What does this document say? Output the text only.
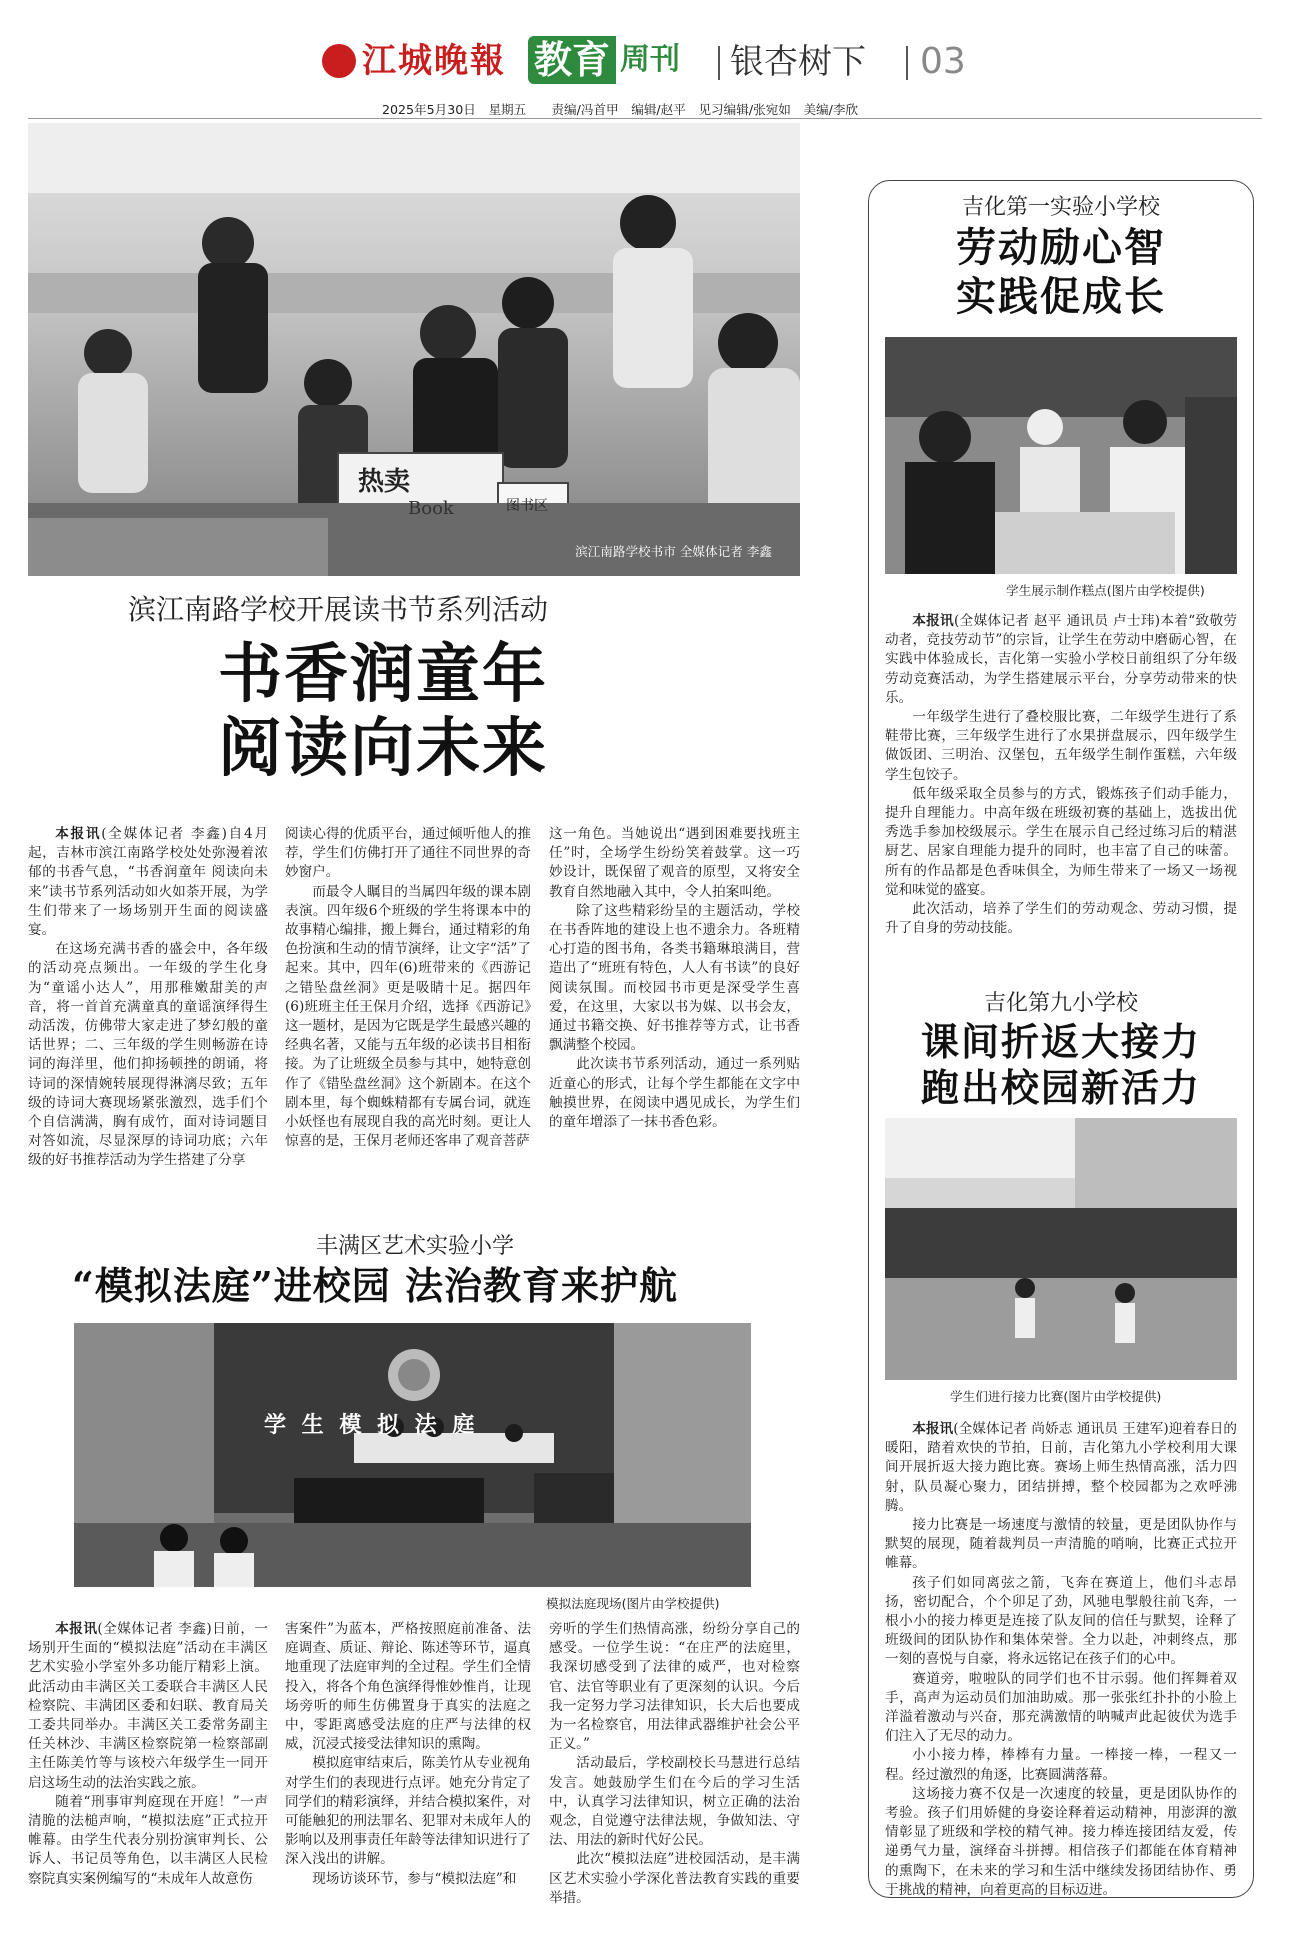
江城晚報 教育 周刊 银杏树下 03
2025年5月30日　星期五　　责编/冯首甲　编辑/赵平　见习编辑/张宛如　美编/李欣
热卖
Book	图书区
滨江南路学校书市 全媒体记者 李鑫
滨江南路学校开展读书节系列活动
书香润童年
阅读向未来

本报讯(全媒体记者 李鑫)自4月起，吉林市滨江南路学校处处弥漫着浓郁的书香气息，“书香润童年 阅读向未来”读书节系列活动如火如荼开展，为学生们带来了一场场别开生面的阅读盛宴。

在这场充满书香的盛会中，各年级的活动亮点频出。一年级的学生化身为“童谣小达人”，用那稚嫩甜美的声音，将一首首充满童真的童谣演绎得生动活泼，仿佛带大家走进了梦幻般的童话世界；二、三年级的学生则畅游在诗词的海洋里，他们抑扬顿挫的朗诵，将诗词的深情婉转展现得淋漓尽致；五年级的诗词大赛现场紧张激烈，选手们个个自信满满，胸有成竹，面对诗词题目对答如流，尽显深厚的诗词功底；六年级的好书推荐活动为学生搭建了分享

阅读心得的优质平台，通过倾听他人的推荐，学生们仿佛打开了通往不同世界的奇妙窗户。

而最令人瞩目的当属四年级的课本剧表演。四年级6个班级的学生将课本中的故事精心编排，搬上舞台，通过精彩的角色扮演和生动的情节演绎，让文字“活”了起来。其中，四年(6)班带来的《西游记之错坠盘丝洞》更是吸睛十足。据四年(6)班班主任王保月介绍，选择《西游记》这一题材，是因为它既是学生最感兴趣的经典名著，又能与五年级的必读书目相衔接。为了让班级全员参与其中，她特意创作了《错坠盘丝洞》这个新剧本。在这个剧本里，每个蜘蛛精都有专属台词，就连小妖怪也有展现自我的高光时刻。更让人惊喜的是，王保月老师还客串了观音菩萨

这一角色。当她说出“遇到困难要找班主任”时，全场学生纷纷笑着鼓掌。这一巧妙设计，既保留了观音的原型，又将安全教育自然地融入其中，令人拍案叫绝。

除了这些精彩纷呈的主题活动，学校在书香阵地的建设上也不遗余力。各班精心打造的图书角，各类书籍琳琅满目，营造出了“班班有特色，人人有书读”的良好阅读氛围。而校园书市更是深受学生喜爱，在这里，大家以书为媒、以书会友，通过书籍交换、好书推荐等方式，让书香飘满整个校园。

此次读书节系列活动，通过一系列贴近童心的形式，让每个学生都能在文字中触摸世界，在阅读中遇见成长，为学生们的童年增添了一抹书香色彩。

丰满区艺术实验小学
“模拟法庭”进校园 法治教育来护航
学 生 模 拟 法 庭
模拟法庭现场(图片由学校提供)

本报讯(全媒体记者 李鑫)日前，一场别开生面的“模拟法庭”活动在丰满区艺术实验小学室外多功能厅精彩上演。此活动由丰满区关工委联合丰满区人民检察院、丰满团区委和妇联、教育局关工委共同举办。丰满区关工委常务副主任关林沙、丰满区检察院第一检察部副主任陈美竹等与该校六年级学生一同开启这场生动的法治实践之旅。

随着“刑事审判庭现在开庭！”一声清脆的法槌声响，“模拟法庭”正式拉开帷幕。由学生代表分别扮演审判长、公诉人、书记员等角色，以丰满区人民检察院真实案例编写的“未成年人故意伤

害案件”为蓝本，严格按照庭前准备、法庭调查、质证、辩论、陈述等环节，逼真地重现了法庭审判的全过程。学生们全情投入，将各个角色演绎得惟妙惟肖，让现场旁听的师生仿佛置身于真实的法庭之中，零距离感受法庭的庄严与法律的权威，沉浸式接受法律知识的熏陶。

模拟庭审结束后，陈美竹从专业视角对学生们的表现进行点评。她充分肯定了同学们的精彩演绎，并结合模拟案件，对可能触犯的刑法罪名、犯罪对未成年人的影响以及刑事责任年龄等法律知识进行了深入浅出的讲解。

现场访谈环节，参与“模拟法庭”和

旁听的学生们热情高涨，纷纷分享自己的感受。一位学生说：“在庄严的法庭里，我深切感受到了法律的威严，也对检察官、法官等职业有了更深刻的认识。今后我一定努力学习法律知识，长大后也要成为一名检察官，用法律武器维护社会公平正义。”

活动最后，学校副校长马慧进行总结发言。她鼓励学生们在今后的学习生活中，认真学习法律知识，树立正确的法治观念，自觉遵守法律法规，争做知法、守法、用法的新时代好公民。

此次“模拟法庭”进校园活动，是丰满区艺术实验小学深化普法教育实践的重要举措。

吉化第一实验小学校
劳动励心智
实践促成长
学生展示制作糕点(图片由学校提供)

本报讯(全媒体记者 赵平 通讯员 卢士玮)本着“致敬劳动者，竞技劳动节”的宗旨，让学生在劳动中磨砺心智，在实践中体验成长，吉化第一实验小学校日前组织了分年级劳动竞赛活动，为学生搭建展示平台，分享劳动带来的快乐。

一年级学生进行了叠校服比赛，二年级学生进行了系鞋带比赛，三年级学生进行了水果拼盘展示，四年级学生做饭团、三明治、汉堡包，五年级学生制作蛋糕，六年级学生包饺子。

低年级采取全员参与的方式，锻炼孩子们动手能力，提升自理能力。中高年级在班级初赛的基础上，选拔出优秀选手参加校级展示。学生在展示自己经过练习后的精湛厨艺、居家自理能力提升的同时，也丰富了自己的味蕾。所有的作品都是色香味俱全，为师生带来了一场又一场视觉和味觉的盛宴。

此次活动，培养了学生们的劳动观念、劳动习惯，提升了自身的劳动技能。

吉化第九小学校
课间折返大接力
跑出校园新活力
学生们进行接力比赛(图片由学校提供)

本报讯(全媒体记者 尚娇志 通讯员 王建军)迎着春日的暖阳，踏着欢快的节拍，日前，吉化第九小学校利用大课间开展折返大接力跑比赛。赛场上师生热情高涨，活力四射，队员凝心聚力，团结拼搏，整个校园都为之欢呼沸腾。

接力比赛是一场速度与激情的较量，更是团队协作与默契的展现，随着裁判员一声清脆的哨响，比赛正式拉开帷幕。

孩子们如同离弦之箭，飞奔在赛道上，他们斗志昂扬，密切配合，个个卯足了劲，风驰电掣般往前飞奔，一根小小的接力棒更是连接了队友间的信任与默契，诠释了班级间的团队协作和集体荣誉。全力以赴，冲刺终点，那一刻的喜悦与自豪，将永远铭记在孩子们的心中。

赛道旁，啦啦队的同学们也不甘示弱。他们挥舞着双手，高声为运动员们加油助威。那一张张红扑扑的小脸上洋溢着激动与兴奋，那充满激情的呐喊声此起彼伏为选手们注入了无尽的动力。

小小接力棒，棒棒有力量。一棒接一棒，一程又一程。经过激烈的角逐，比赛圆满落幕。

这场接力赛不仅是一次速度的较量，更是团队协作的考验。孩子们用娇健的身姿诠释着运动精神，用澎湃的激情彰显了班级和学校的精气神。接力棒连接团结友爱，传递勇气力量，演绎奋斗拼搏。相信孩子们都能在体育精神的熏陶下，在未来的学习和生活中继续发扬团结协作、勇于挑战的精神，向着更高的目标迈进。
